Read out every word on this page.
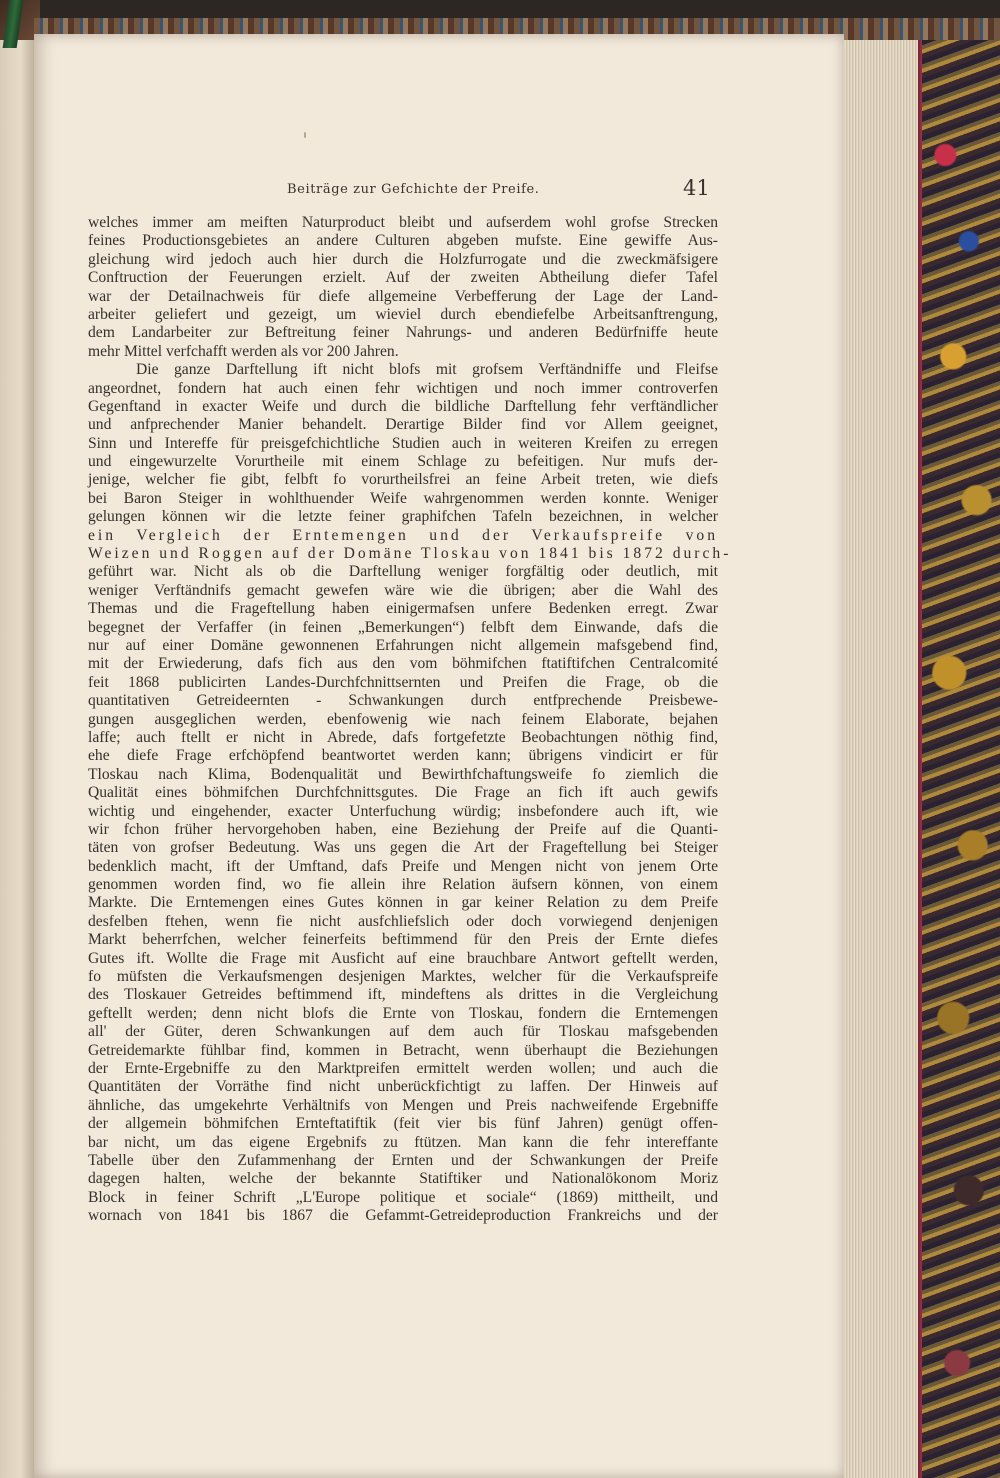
Beiträge zur Gefchichte der Preife.	41
welches immer am meiften Naturproduct bleibt und aufserdem wohl grofse Strecken
feines Productionsgebietes an andere Culturen abgeben mufste. Eine gewiffe Aus-
gleichung wird jedoch auch hier durch die Holzfurrogate und die zweckmäfsigere
Conftruction der Feuerungen erzielt. Auf der zweiten Abtheilung diefer Tafel
war der Detailnachweis für diefe allgemeine Verbefferung der Lage der Land-
arbeiter geliefert und gezeigt, um wieviel durch ebendiefelbe Arbeitsanftrengung,
dem Landarbeiter zur Beftreitung feiner Nahrungs- und anderen Bedürfniffe heute
mehr Mittel verfchafft werden als vor 200 Jahren.
Die ganze Darftellung ift nicht blofs mit grofsem Verftändniffe und Fleifse
angeordnet, fondern hat auch einen fehr wichtigen und noch immer controverfen
Gegenftand in exacter Weife und durch die bildliche Darftellung fehr verftändlicher
und anfprechender Manier behandelt. Derartige Bilder find vor Allem geeignet,
Sinn und Intereffe für preisgefchichtliche Studien auch in weiteren Kreifen zu erregen
und eingewurzelte Vorurtheile mit einem Schlage zu befeitigen. Nur mufs der-
jenige, welcher fie gibt, felbft fo vorurtheilsfrei an feine Arbeit treten, wie diefs
bei Baron Steiger in wohlthuender Weife wahrgenommen werden konnte. Weniger
gelungen können wir die letzte feiner graphifchen Tafeln bezeichnen, in welcher
ein Vergleich der Erntemengen und der Verkaufspreife von
Weizen und Roggen auf der Domäne Tloskau von 1841 bis 1872 durch-
geführt war. Nicht als ob die Darftellung weniger forgfältig oder deutlich, mit
weniger Verftändnifs gemacht gewefen wäre wie die übrigen; aber die Wahl des
Themas und die Frageftellung haben einigermafsen unfere Bedenken erregt. Zwar
begegnet der Verfaffer (in feinen „Bemerkungen“) felbft dem Einwande, dafs die
nur auf einer Domäne gewonnenen Erfahrungen nicht allgemein mafsgebend find,
mit der Erwiederung, dafs fich aus den vom böhmifchen ftatiftifchen Centralcomité
feit 1868 publicirten Landes-Durchfchnittsernten und Preifen die Frage, ob die
quantitativen Getreideernten - Schwankungen durch entfprechende Preisbewe-
gungen ausgeglichen werden, ebenfowenig wie nach feinem Elaborate, bejahen
laffe; auch ftellt er nicht in Abrede, dafs fortgefetzte Beobachtungen nöthig find,
ehe diefe Frage erfchöpfend beantwortet werden kann; übrigens vindicirt er für
Tloskau nach Klima, Bodenqualität und Bewirthfchaftungsweife fo ziemlich die
Qualität eines böhmifchen Durchfchnittsgutes. Die Frage an fich ift auch gewifs
wichtig und eingehender, exacter Unterfuchung würdig; insbefondere auch ift, wie
wir fchon früher hervorgehoben haben, eine Beziehung der Preife auf die Quanti-
täten von grofser Bedeutung. Was uns gegen die Art der Frageftellung bei Steiger
bedenklich macht, ift der Umftand, dafs Preife und Mengen nicht von jenem Orte
genommen worden find, wo fie allein ihre Relation äufsern können, von einem
Markte. Die Erntemengen eines Gutes können in gar keiner Relation zu dem Preife
desfelben ftehen, wenn fie nicht ausfchliefslich oder doch vorwiegend denjenigen
Markt beherrfchen, welcher feinerfeits beftimmend für den Preis der Ernte diefes
Gutes ift. Wollte die Frage mit Ausficht auf eine brauchbare Antwort geftellt werden,
fo müfsten die Verkaufsmengen desjenigen Marktes, welcher für die Verkaufspreife
des Tloskauer Getreides beftimmend ift, mindeftens als drittes in die Vergleichung
geftellt werden; denn nicht blofs die Ernte von Tloskau, fondern die Erntemengen
all' der Güter, deren Schwankungen auf dem auch für Tloskau mafsgebenden
Getreidemarkte fühlbar find, kommen in Betracht, wenn überhaupt die Beziehungen
der Ernte-Ergebniffe zu den Marktpreifen ermittelt werden wollen; und auch die
Quantitäten der Vorräthe find nicht unberückfichtigt zu laffen. Der Hinweis auf
ähnliche, das umgekehrte Verhältnifs von Mengen und Preis nachweifende Ergebniffe
der allgemein böhmifchen Ernteftatiftik (feit vier bis fünf Jahren) genügt offen-
bar nicht, um das eigene Ergebnifs zu ftützen. Man kann die fehr intereffante
Tabelle über den Zufammenhang der Ernten und der Schwankungen der Preife
dagegen halten, welche der bekannte Statiftiker und Nationalökonom Moriz
Block in feiner Schrift „L'Europe politique et sociale“ (1869) mittheilt, und
wornach von 1841 bis 1867 die Gefammt-Getreideproduction Frankreichs und der
